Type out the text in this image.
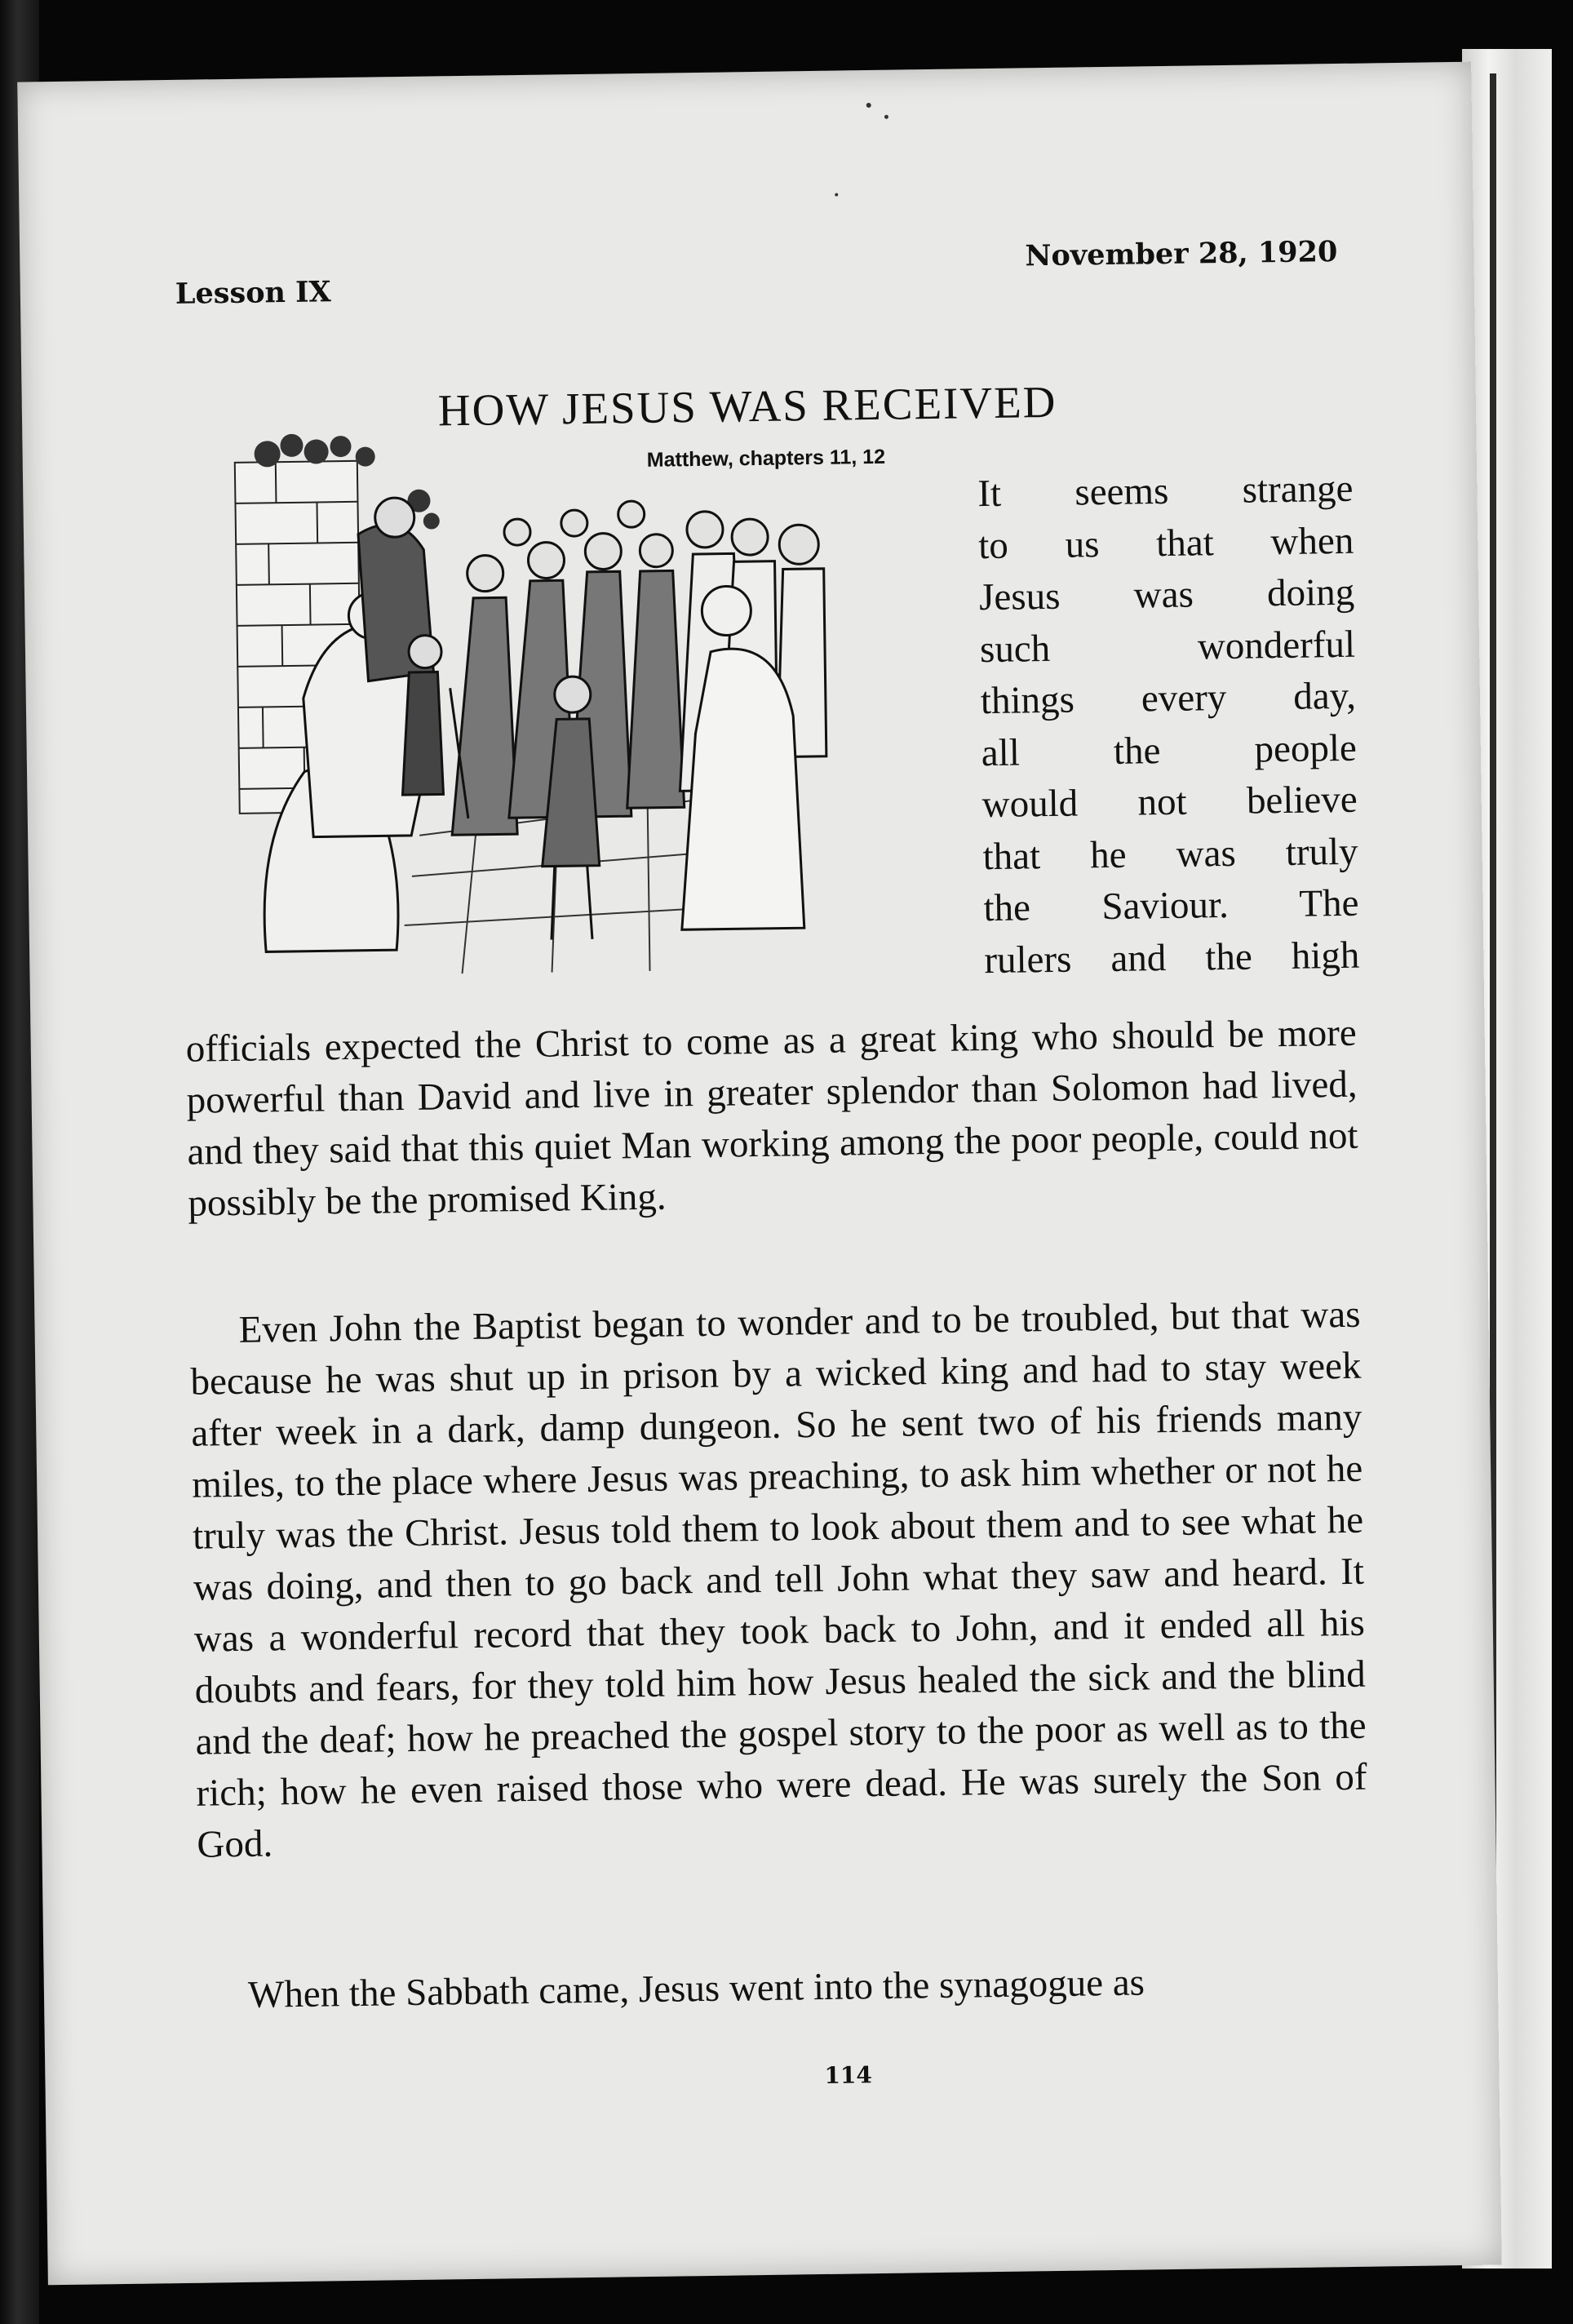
Lesson IX
November 28, 1920
HOW JESUS WAS RECEIVED
Matthew, chapters 11, 12
It seems strange
to us that when
Jesus was doing
such wonderful
things every day,
all the people
would not believe
that he was truly
the Saviour. The
rulers and the high

officials expected the Christ to come as a great king who should be more powerful than David and live in greater splendor than Solomon had lived, and they said that this quiet Man working among the poor people, could not possibly be the promised King.

Even John the Baptist began to wonder and to be troubled, but that was because he was shut up in prison by a wicked king and had to stay week after week in a dark, damp dungeon. So he sent two of his friends many miles, to the place where Jesus was preaching, to ask him whether or not he truly was the Christ. Jesus told them to look about them and to see what he was doing, and then to go back and tell John what they saw and heard. It was a wonderful record that they took back to John, and it ended all his doubts and fears, for they told him how Jesus healed the sick and the blind and the deaf; how he preached the gospel story to the poor as well as to the rich; how he even raised those who were dead. He was surely the Son of God.

When the Sabbath came, Jesus went into the synagogue as

114
